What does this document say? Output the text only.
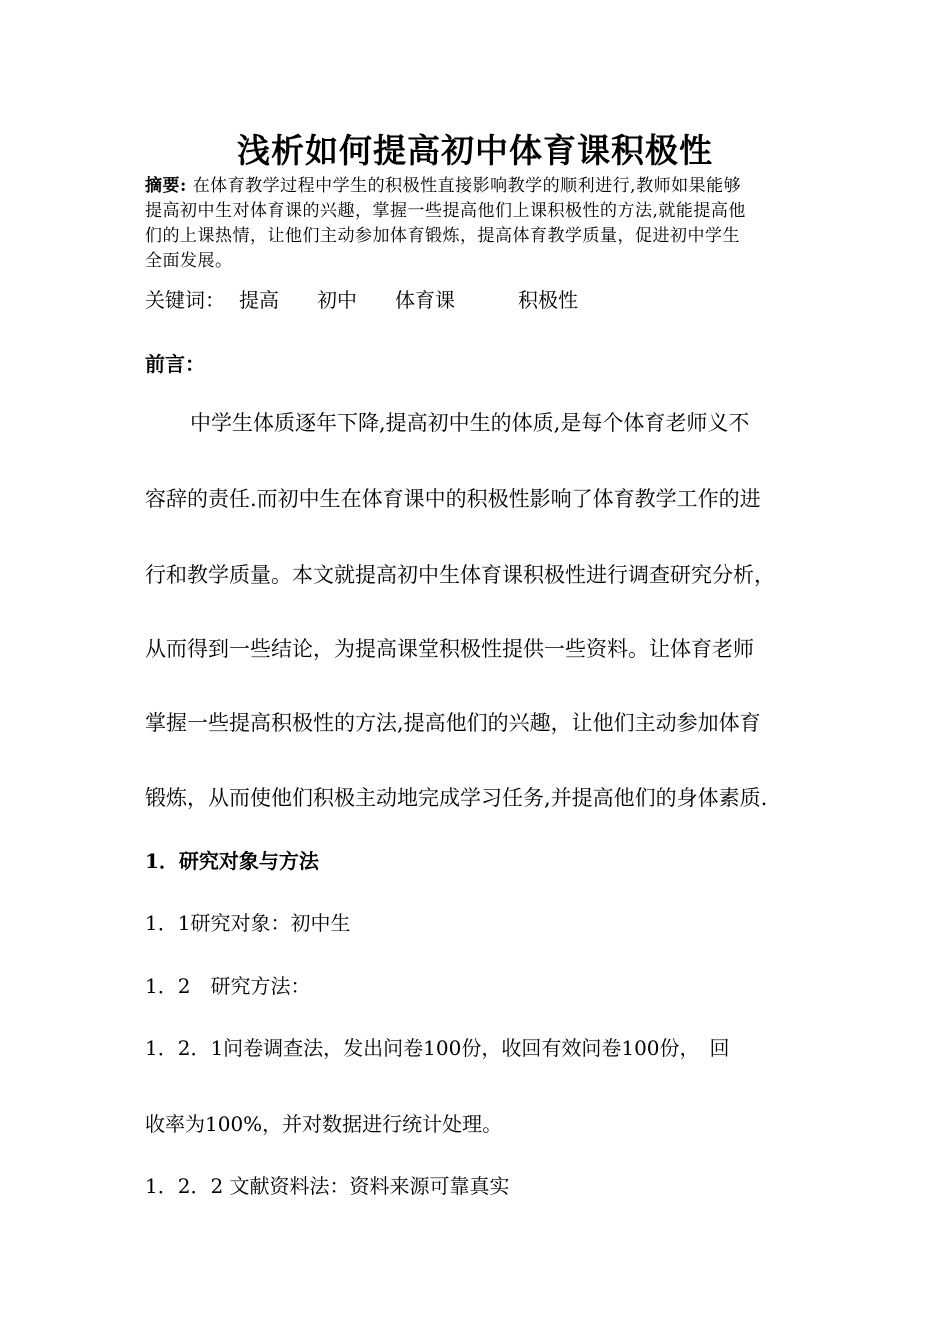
浅析如何提高初中体育课积极性
摘要: 在体育教学过程中学生的积极性直接影响教学的顺利进行,教师如果能够
提高初中生对体育课的兴趣，掌握一些提高他们上课积极性的方法,就能提高他
们的上课热情，让他们主动参加体育锻炼，提高体育教学质量，促进初中学生
全面发展。
关键词： 提高 初中 体育课	积极性
前言：
中学生体质逐年下降,提高初中生的体质,是每个体育老师义不
容辞的责任.而初中生在体育课中的积极性影响了体育教学工作的进
行和教学质量。本文就提高初中生体育课积极性进行调查研究分析，
从而得到一些结论，为提高课堂积极性提供一些资料。让体育老师
掌握一些提高积极性的方法,提高他们的兴趣，让他们主动参加体育
锻炼，从而使他们积极主动地完成学习任务,并提高他们的身体素质.
1．研究对象与方法
1．1研究对象：初中生
1．2　研究方法：
1．2．1问卷调查法，发出问卷100份，收回有效问卷100份，　回
收率为100%，并对数据进行统计处理。
1．2．2 文献资料法：资料来源可靠真实
